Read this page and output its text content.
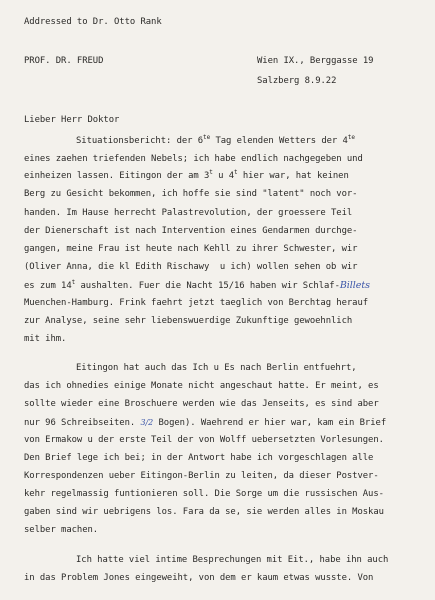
Addressed to Dr. Otto Rank
PROF. DR. FREUD	Wien IX., Berggasse 19
Salzberg 8.9.22
Lieber Herr Doktor
Situationsbericht: der $6^{te}$ Tag elenden Wetters der $4^{te}$
eines zaehen triefenden Nebels; ich habe endlich nachgegeben und
einheizen lassen. Eitingon der am 3$^t$ u 4$^t$ hier war, hat keinen
Berg zu Gesicht bekommen, ich hoffe sie sind "latent" noch vor-
handen. Im Hause herrecht Palastrevolution, der groessere Teil
der Dienerschaft ist nach Intervention eines Gendarmen durchge-
gangen, meine Frau ist heute nach Kehll zu ihrer Schwester, wir
(Oliver Anna, die kl Edith Rischawy  u ich) wollen sehen ob wir
es zum 14$^t$ aushalten. Fuer die Nacht 15/16 haben wir Schlaf-Billets
Muenchen-Hamburg. Frink faehrt jetzt taeglich von Berchtag herauf
zur Analyse, seine sehr liebenswuerdige Zukunftige gewoehnlich
mit ihm.
Eitingon hat auch das Ich u Es nach Berlin entfuehrt,
das ich ohnedies einige Monate nicht angeschaut hatte. Er meint, es
sollte wieder eine Broschuere werden wie das Jenseits, es sind aber
nur 96 Schreibseiten. 3/2 Bogen). Waehrend er hier war, kam ein Brief
von Ermakow u der erste Teil der von Wolff uebersetzten Vorlesungen.
Den Brief lege ich bei; in der Antwort habe ich vorgeschlagen alle
Korrespondenzen ueber Eitingon-Berlin zu leiten, da dieser Postver-
kehr regelmassig funtionieren soll. Die Sorge um die russischen Aus-
gaben sind wir uebrigens los. Fara da se, sie werden alles in Moskau
selber machen.
Ich hatte viel intime Besprechungen mit Eit., habe ihn auch
in das Problem Jones eingeweiht, von dem er kaum etwas wusste. Von
